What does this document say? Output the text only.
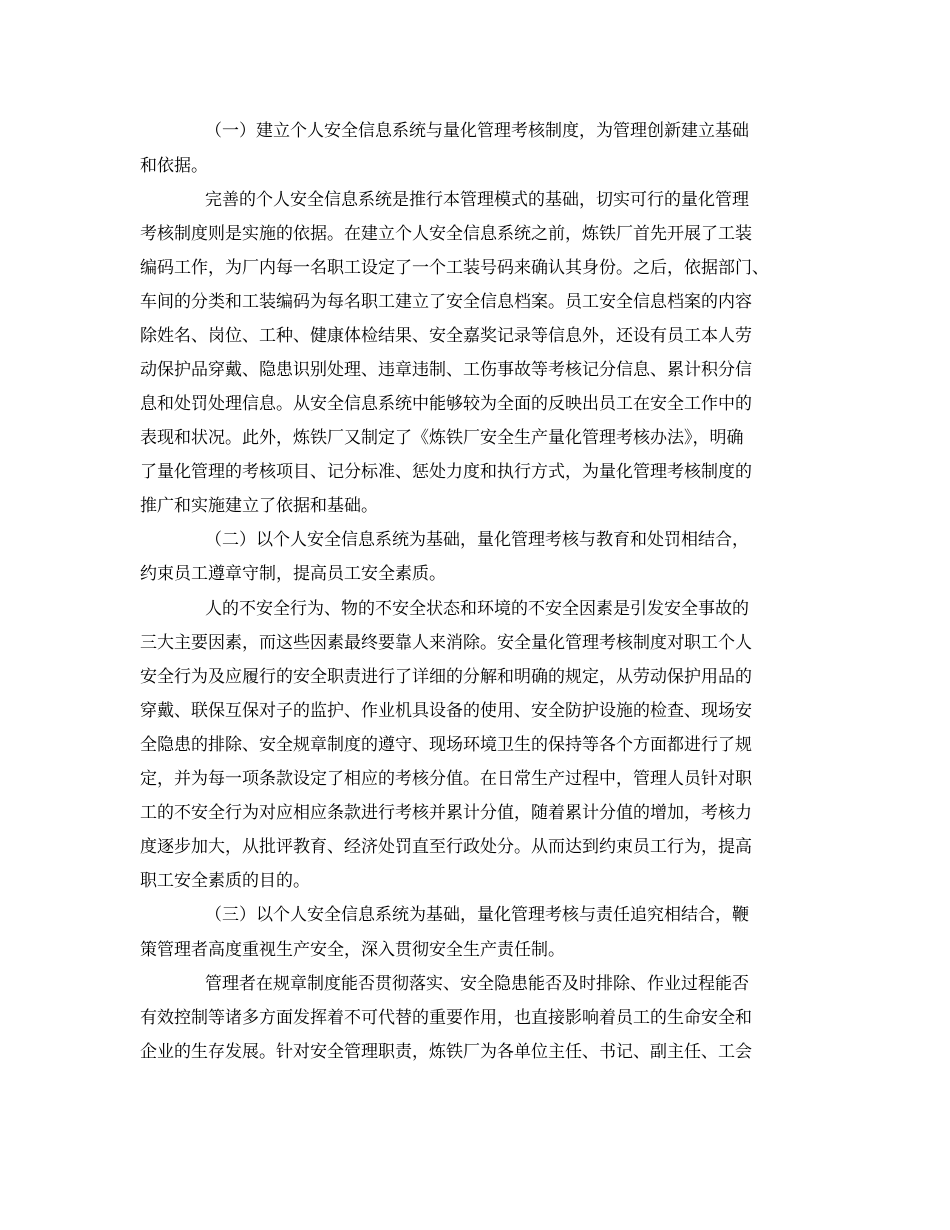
（一）建立个人安全信息系统与量化管理考核制度，为管理创新建立基础
和依据。
完善的个人安全信息系统是推行本管理模式的基础，切实可行的量化管理
考核制度则是实施的依据。在建立个人安全信息系统之前，炼铁厂首先开展了工装
编码工作，为厂内每一名职工设定了一个工装号码来确认其身份。之后，依据部门、
车间的分类和工装编码为每名职工建立了安全信息档案。员工安全信息档案的内容
除姓名、岗位、工种、健康体检结果、安全嘉奖记录等信息外，还设有员工本人劳
动保护品穿戴、隐患识别处理、违章违制、工伤事故等考核记分信息、累计积分信
息和处罚处理信息。从安全信息系统中能够较为全面的反映出员工在安全工作中的
表现和状况。此外，炼铁厂又制定了《炼铁厂安全生产量化管理考核办法》，明确
了量化管理的考核项目、记分标准、惩处力度和执行方式，为量化管理考核制度的
推广和实施建立了依据和基础。
（二）以个人安全信息系统为基础，量化管理考核与教育和处罚相结合，
约束员工遵章守制，提高员工安全素质。
人的不安全行为、物的不安全状态和环境的不安全因素是引发安全事故的
三大主要因素，而这些因素最终要靠人来消除。安全量化管理考核制度对职工个人
安全行为及应履行的安全职责进行了详细的分解和明确的规定，从劳动保护用品的
穿戴、联保互保对子的监护、作业机具设备的使用、安全防护设施的检查、现场安
全隐患的排除、安全规章制度的遵守、现场环境卫生的保持等各个方面都进行了规
定，并为每一项条款设定了相应的考核分值。在日常生产过程中，管理人员针对职
工的不安全行为对应相应条款进行考核并累计分值，随着累计分值的增加，考核力
度逐步加大，从批评教育、经济处罚直至行政处分。从而达到约束员工行为，提高
职工安全素质的目的。
（三）以个人安全信息系统为基础，量化管理考核与责任追究相结合，鞭
策管理者高度重视生产安全，深入贯彻安全生产责任制。
管理者在规章制度能否贯彻落实、安全隐患能否及时排除、作业过程能否
有效控制等诸多方面发挥着不可代替的重要作用，也直接影响着员工的生命安全和
企业的生存发展。针对安全管理职责，炼铁厂为各单位主任、书记、副主任、工会
